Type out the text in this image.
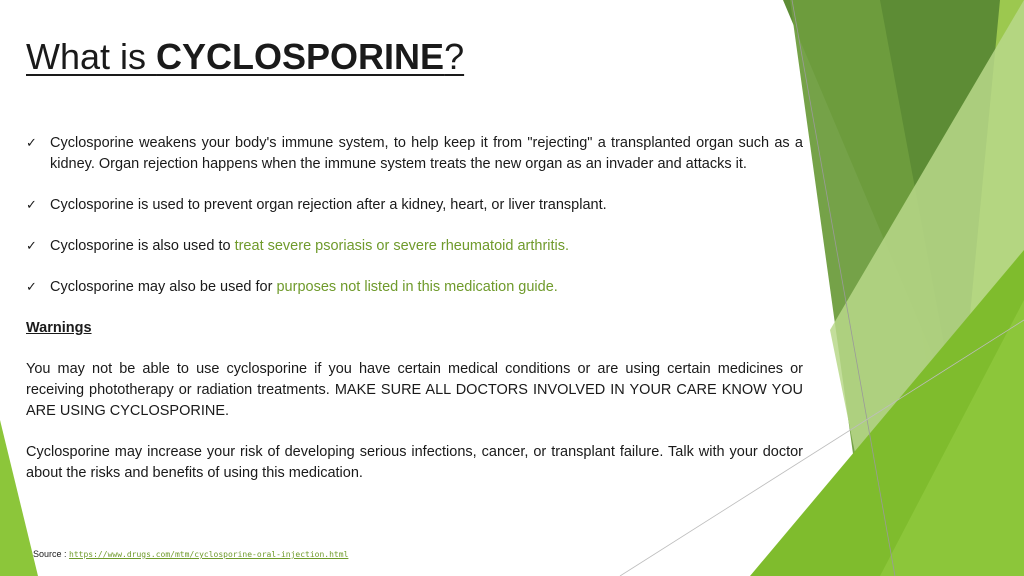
What is CYCLOSPORINE?
✓ Cyclosporine weakens your body's immune system, to help keep it from "rejecting" a transplanted organ such as a kidney. Organ rejection happens when the immune system treats the new organ as an invader and attacks it.
✓ Cyclosporine is used to prevent organ rejection after a kidney, heart, or liver transplant.
✓ Cyclosporine is also used to treat severe psoriasis or severe rheumatoid arthritis.
✓ Cyclosporine may also be used for purposes not listed in this medication guide.
Warnings

You may not be able to use cyclosporine if you have certain medical conditions or are using certain medicines or receiving phototherapy or radiation treatments. MAKE SURE ALL DOCTORS INVOLVED IN YOUR CARE KNOW YOU ARE USING CYCLOSPORINE.

Cyclosporine may increase your risk of developing serious infections, cancer, or transplant failure. Talk with your doctor about the risks and benefits of using this medication.

Source : https://www.drugs.com/mtm/cyclosporine-oral-injection.html
